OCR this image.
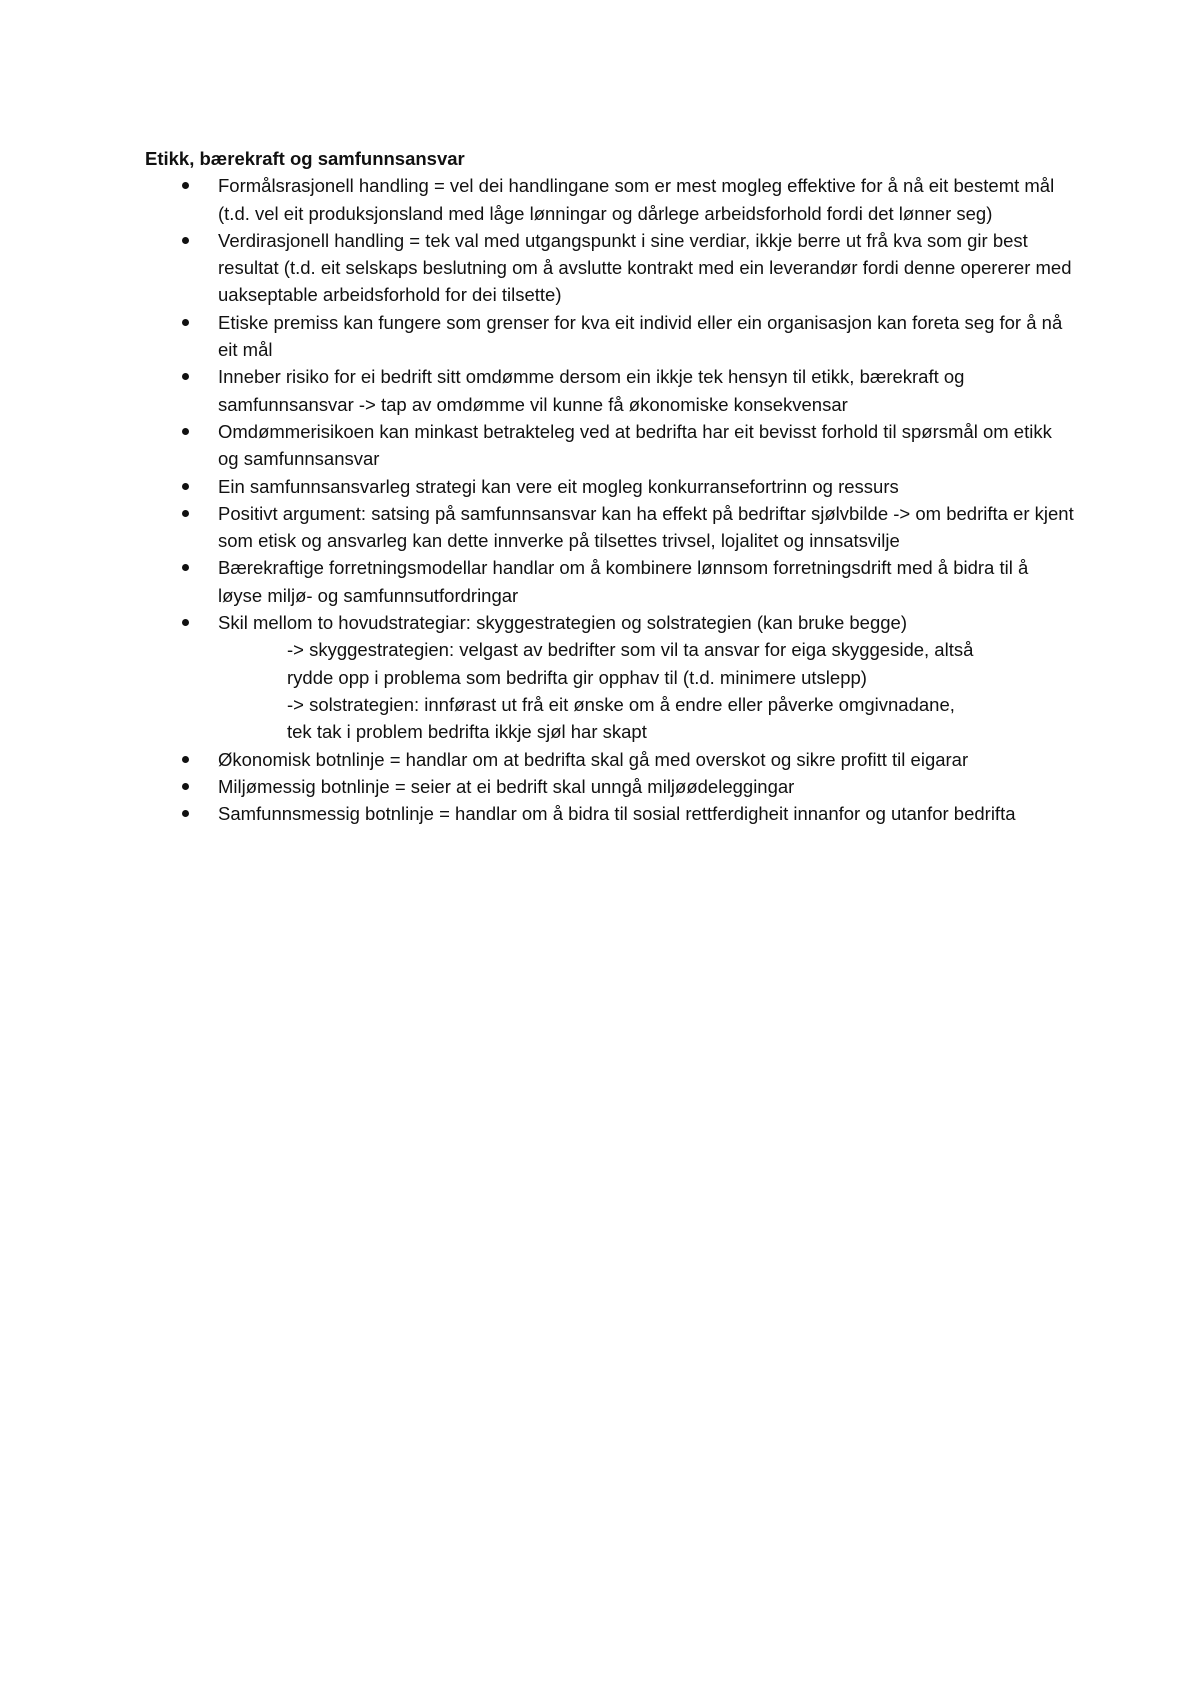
Etikk, bærekraft og samfunnsansvar
Formålsrasjonell handling = vel dei handlingane som er mest mogleg effektive for å nå eit bestemt mål (t.d. vel eit produksjonsland med låge lønningar og dårlege arbeidsforhold fordi det lønner seg)
Verdirasjonell handling = tek val med utgangspunkt i sine verdiar, ikkje berre ut frå kva som gir best resultat (t.d. eit selskaps beslutning om å avslutte kontrakt med ein leverandør fordi denne opererer med uakseptable arbeidsforhold for dei tilsette)
Etiske premiss kan fungere som grenser for kva eit individ eller ein organisasjon kan foreta seg for å nå eit mål
Inneber risiko for ei bedrift sitt omdømme dersom ein ikkje tek hensyn til etikk, bærekraft og samfunnsansvar -> tap av omdømme vil kunne få økonomiske konsekvensar
Omdømmerisikoen kan minkast betrakteleg ved at bedrifta har eit bevisst forhold til spørsmål om etikk og samfunnsansvar
Ein samfunnsansvarleg strategi kan vere eit mogleg konkurransefortrinn og ressurs
Positivt argument: satsing på samfunnsansvar kan ha effekt på bedriftar sjølvbilde -> om bedrifta er kjent som etisk og ansvarleg kan dette innverke på tilsettes trivsel, lojalitet og innsatsvilje
Bærekraftige forretningsmodellar handlar om å kombinere lønnsom forretningsdrift med å bidra til å løyse miljø- og samfunnsutfordringar
Skil mellom to hovudstrategiar: skyggestrategien og solstrategien (kan bruke begge)
-> skyggestrategien: velgast av bedrifter som vil ta ansvar for eiga skyggeside, altså
rydde opp i problema som bedrifta gir opphav til (t.d. minimere utslepp)
-> solstrategien: innførast ut frå eit ønske om å endre eller påverke omgivnadane,
tek tak i problem bedrifta ikkje sjøl har skapt
Økonomisk botnlinje = handlar om at bedrifta skal gå med overskot og sikre profitt til eigarar
Miljømessig botnlinje = seier at ei bedrift skal unngå miljøødeleggingar
Samfunnsmessig botnlinje = handlar om å bidra til sosial rettferdigheit innanfor og utanfor bedrifta
